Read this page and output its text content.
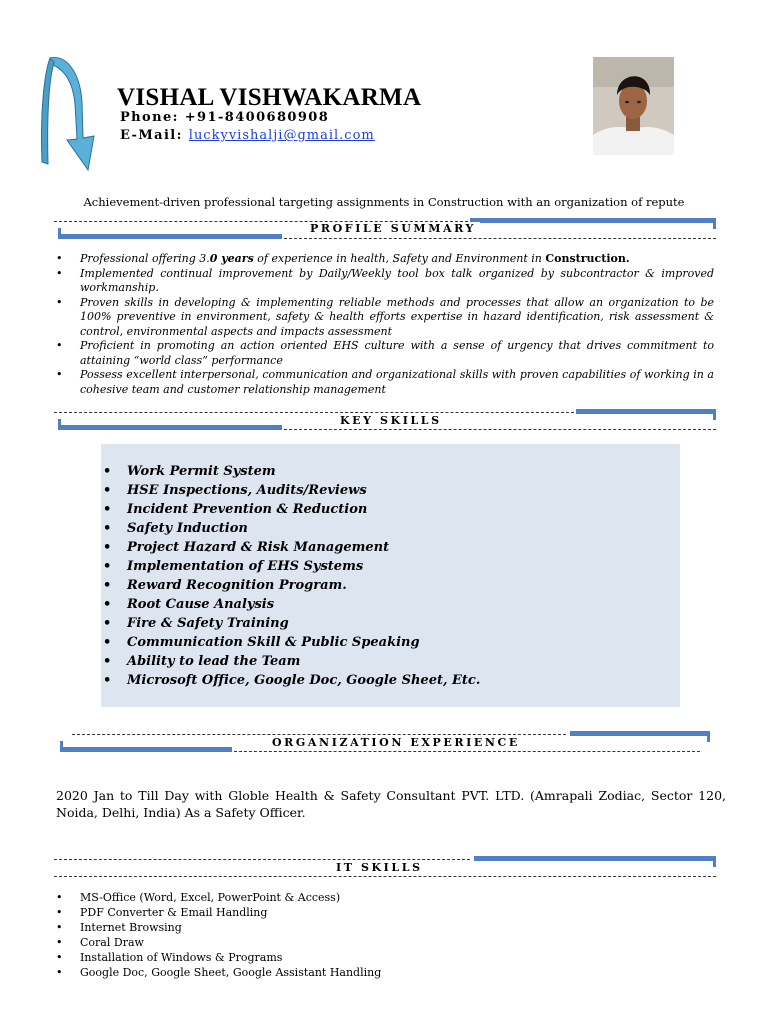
VISHAL VISHWAKARMA
Phone: +91-8400680908
E-Mail: luckyvishalji@gmail.com
Achievement-driven professional targeting assignments in Construction with an organization of repute
PROFILE SUMMARY
• Professional offering 3.0 years of experience in health, Safety and Environment in Construction.
• Implemented continual improvement by Daily/Weekly tool box talk organized by subcontractor & improved workmanship.
• Proven skills in developing & implementing reliable methods and processes that allow an organization to be 100% preventive in environment, safety & health efforts expertise in hazard identification, risk assessment & control, environmental aspects and impacts assessment
• Proficient in promoting an action oriented EHS culture with a sense of urgency that drives commitment to attaining “world class” performance
• Possess excellent interpersonal, communication and organizational skills with proven capabilities of working in a cohesive team and customer relationship management
KEY SKILLS
• Work Permit System
• HSE Inspections, Audits/Reviews
• Incident Prevention & Reduction
• Safety Induction
• Project Hazard & Risk Management
• Implementation of EHS Systems
• Reward Recognition Program.
• Root Cause Analysis
• Fire & Safety Training
• Communication Skill & Public Speaking
• Ability to lead the Team
• Microsoft Office, Google Doc, Google Sheet, Etc.
ORGANIZATION EXPERIENCE
2020 Jan to Till Day with Globle Health & Safety Consultant PVT. LTD. (Amrapali Zodiac, Sector 120, Noida, Delhi, India) As a Safety Officer.
IT SKILLS
• MS-Office (Word, Excel, PowerPoint & Access)
• PDF Converter & Email Handling
• Internet Browsing
• Coral Draw
• Installation of Windows & Programs
• Google Doc, Google Sheet, Google Assistant Handling
